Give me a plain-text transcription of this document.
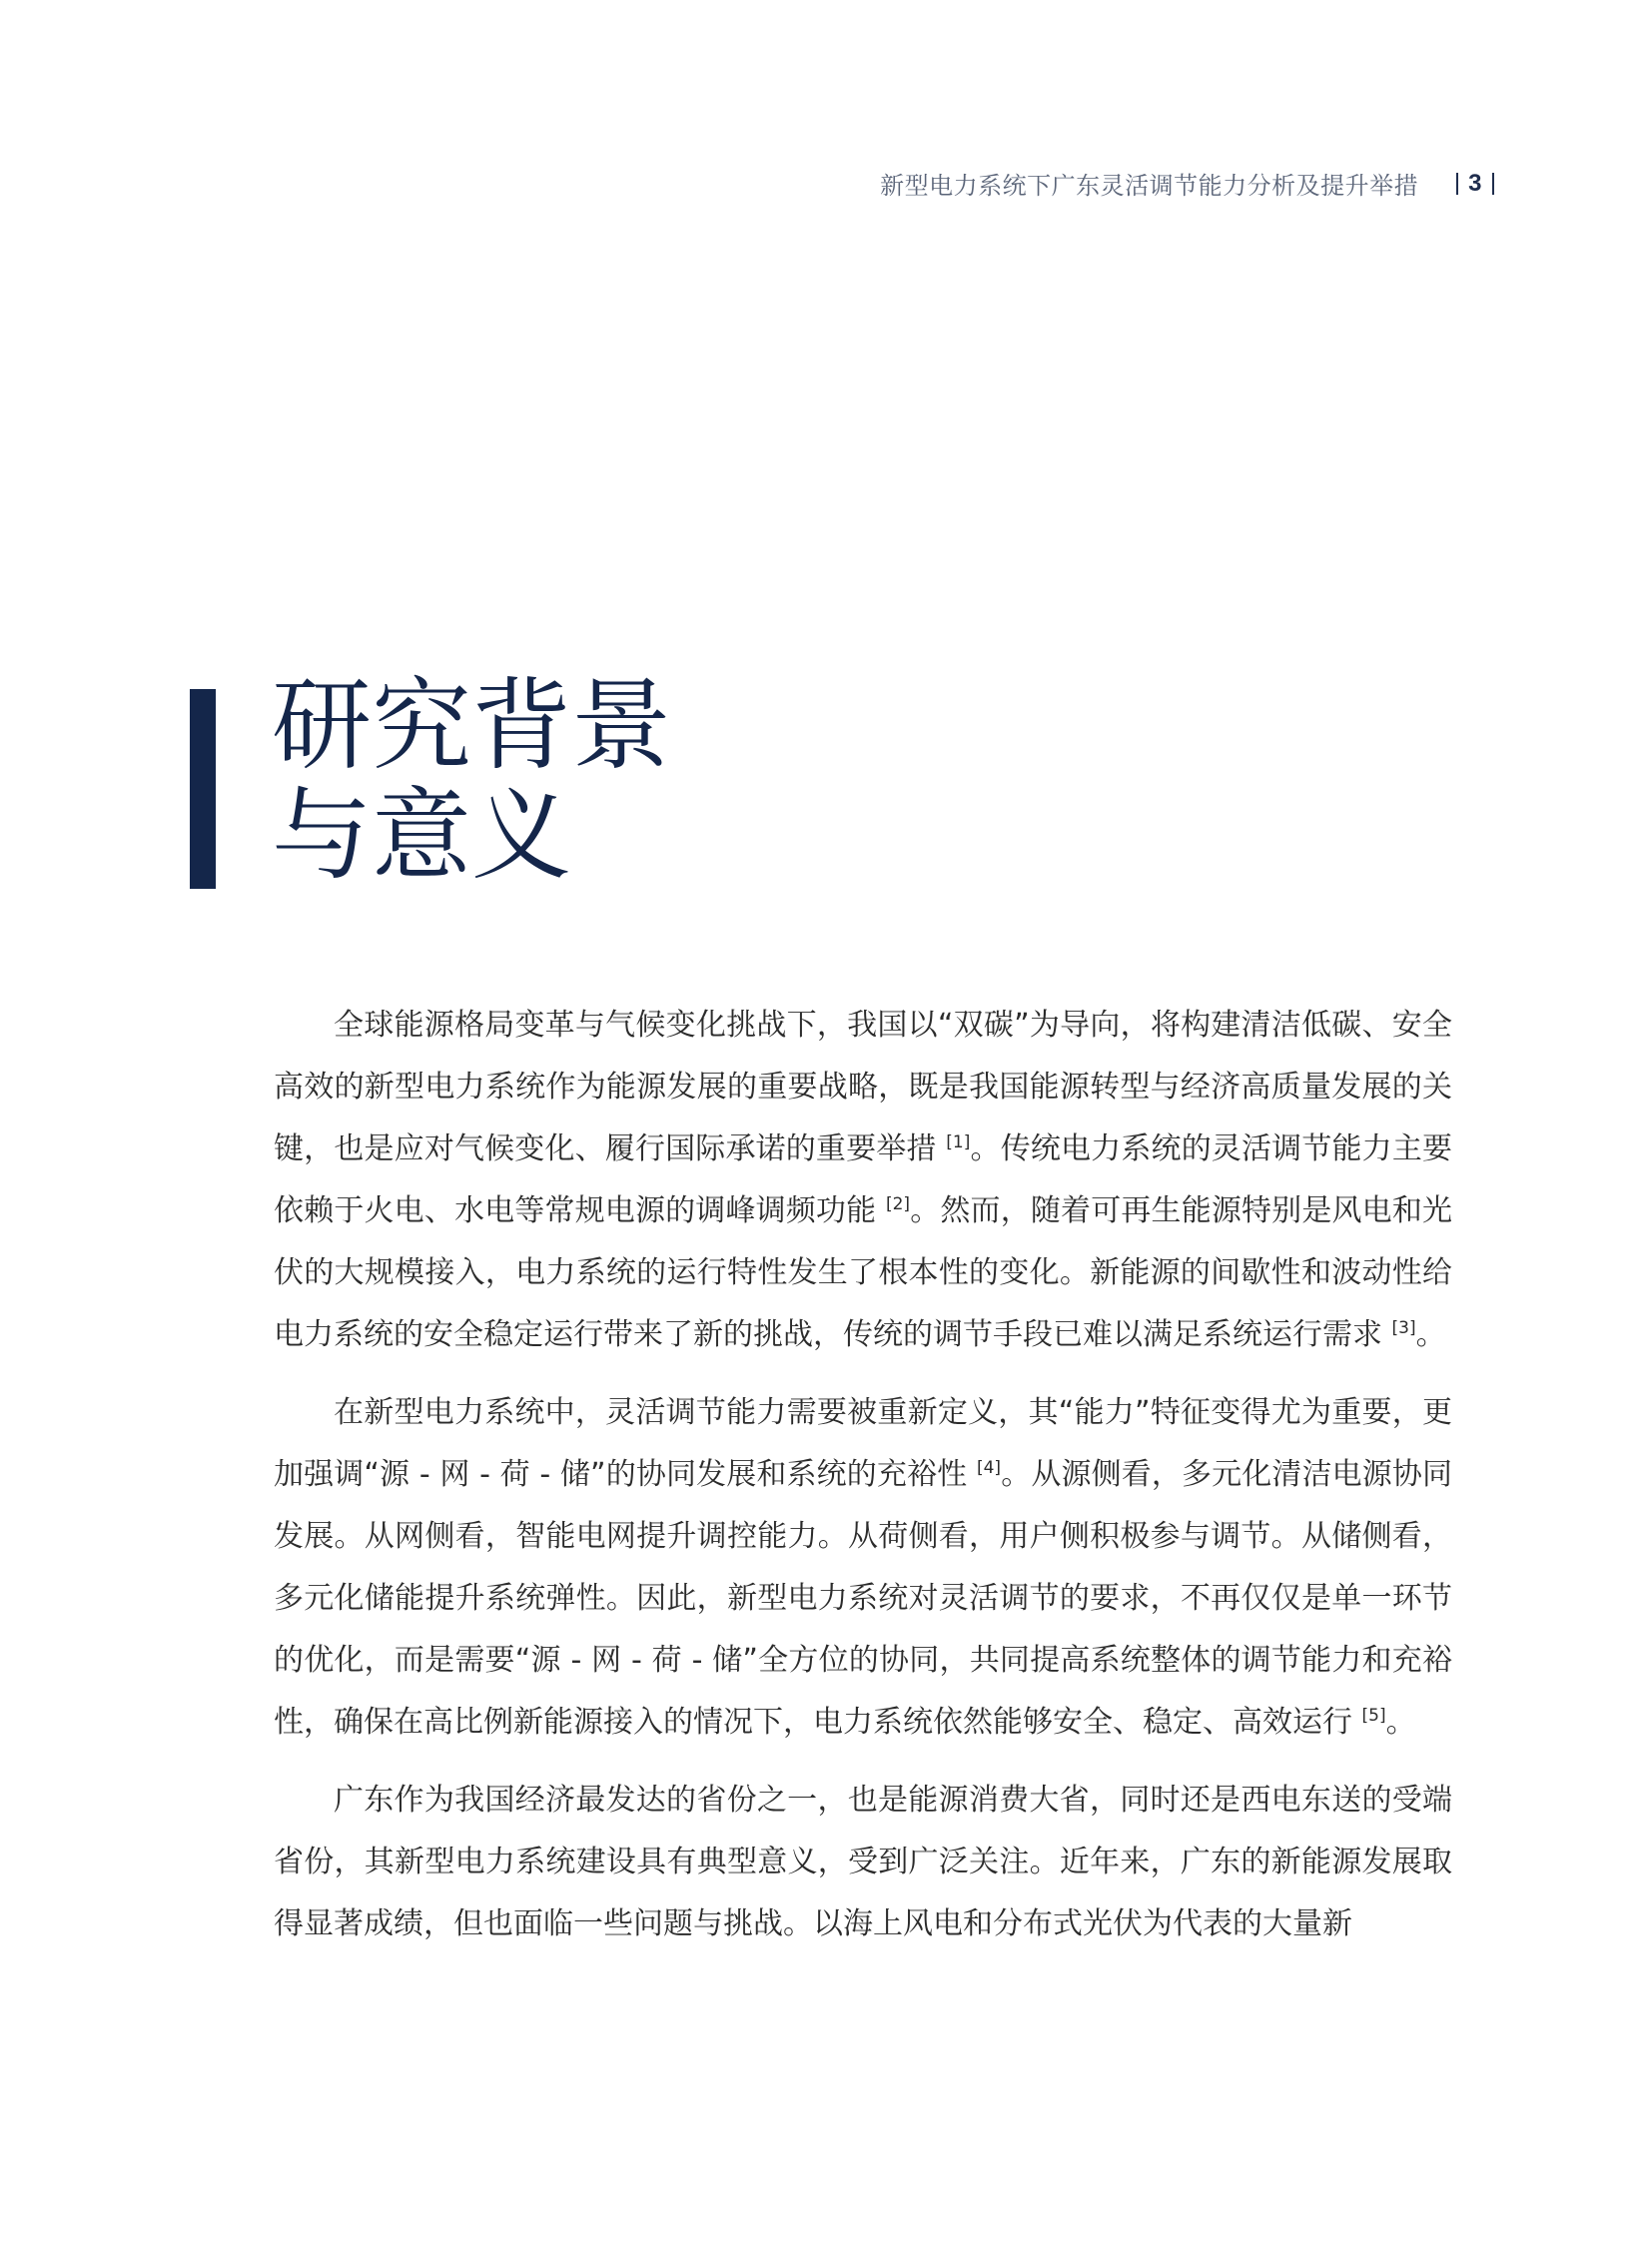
新型电力系统下广东灵活调节能力分析及提升举措 3
研究背景
与意义

全球能源格局变革与气候变化挑战下，我国以“双碳”为导向，将构建清洁低碳、安全高效的新型电力系统作为能源发展的重要战略，既是我国能源转型与经济高质量发展的关键，也是应对气候变化、履行国际承诺的重要举措 [1]。传统电力系统的灵活调节能力主要依赖于火电、水电等常规电源的调峰调频功能 [2]。然而，随着可再生能源特别是风电和光伏的大规模接入，电力系统的运行特性发生了根本性的变化。新能源的间歇性和波动性给电力系统的安全稳定运行带来了新的挑战，传统的调节手段已难以满足系统运行需求 [3]。

在新型电力系统中，灵活调节能力需要被重新定义，其“能力”特征变得尤为重要，更加强调“源 - 网 - 荷 - 储”的协同发展和系统的充裕性 [4]。从源侧看，多元化清洁电源协同发展。从网侧看，智能电网提升调控能力。从荷侧看，用户侧积极参与调节。从储侧看，多元化储能提升系统弹性。因此，新型电力系统对灵活调节的要求，不再仅仅是单一环节的优化，而是需要“源 - 网 - 荷 - 储”全方位的协同，共同提高系统整体的调节能力和充裕性，确保在高比例新能源接入的情况下，电力系统依然能够安全、稳定、高效运行 [5]。

广东作为我国经济最发达的省份之一，也是能源消费大省，同时还是西电东送的受端省份，其新型电力系统建设具有典型意义，受到广泛关注。近年来，广东的新能源发展取得显著成绩，但也面临一些问题与挑战。以海上风电和分布式光伏为代表的大量新
